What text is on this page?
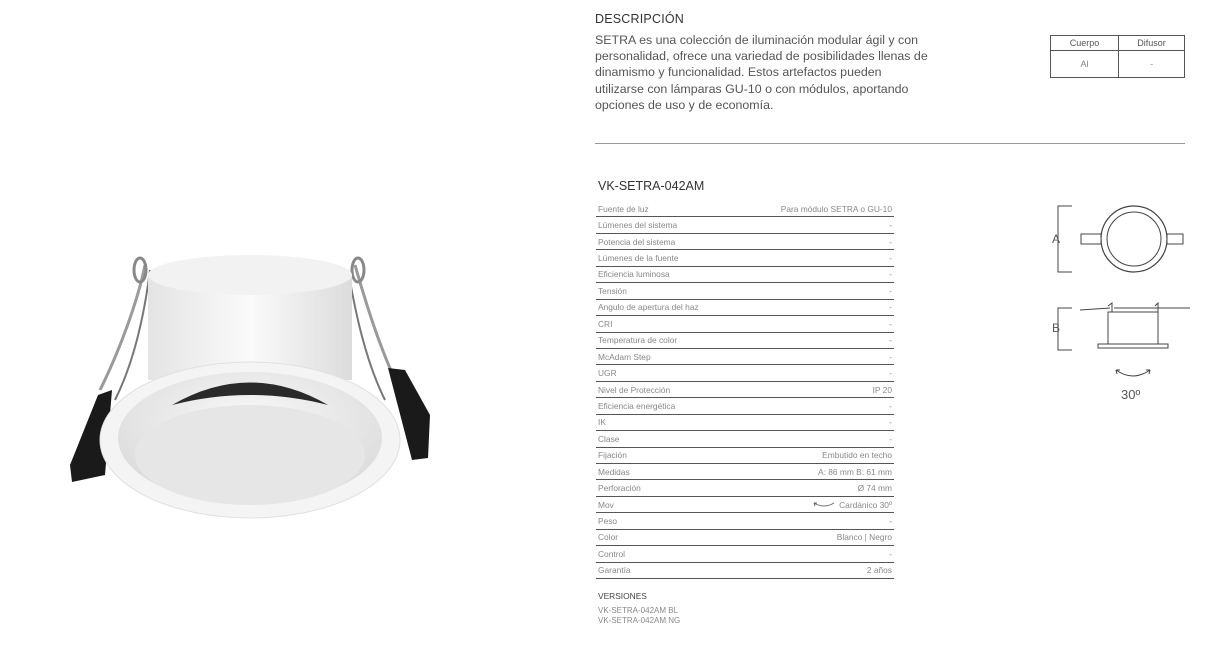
DESCRIPCIÓN
SETRA es una colección de iluminación modular ágil y con
personalidad, ofrece una variedad de posibilidades llenas de
dinamismo y funcionalidad. Estos artefactos pueden
utilizarse con lámparas GU-10 o con módulos, aportando
opciones de uso y de economía.
Cuerpo	Difusor
Al	-
VK-SETRA-042AM
Fuente de luz	Para módulo SETRA o GU-10
Lúmenes del sistema	-
Potencia del sistema	-
Lúmenes de la fuente	-
Eficiencia luminosa	-
Tensión	-
Angulo de apertura del haz	-
CRI	-
Temperatura de color	-
McAdam Step	-
UGR	-
Nivel de Protección	IP 20
Eficiencia energética	-
IK	-
Clase	-
Fijación	Embutido en techo
Medidas	A: 86 mm B: 61 mm
Perforación	Ø 74 mm
Mov	Cardánico 30º
Peso	-
Color	Blanco | Negro
Control	-
Garantía	2 años
VERSIONES
VK-SETRA-042AM BL
VK-SETRA-042AM NG
A
B
30º
